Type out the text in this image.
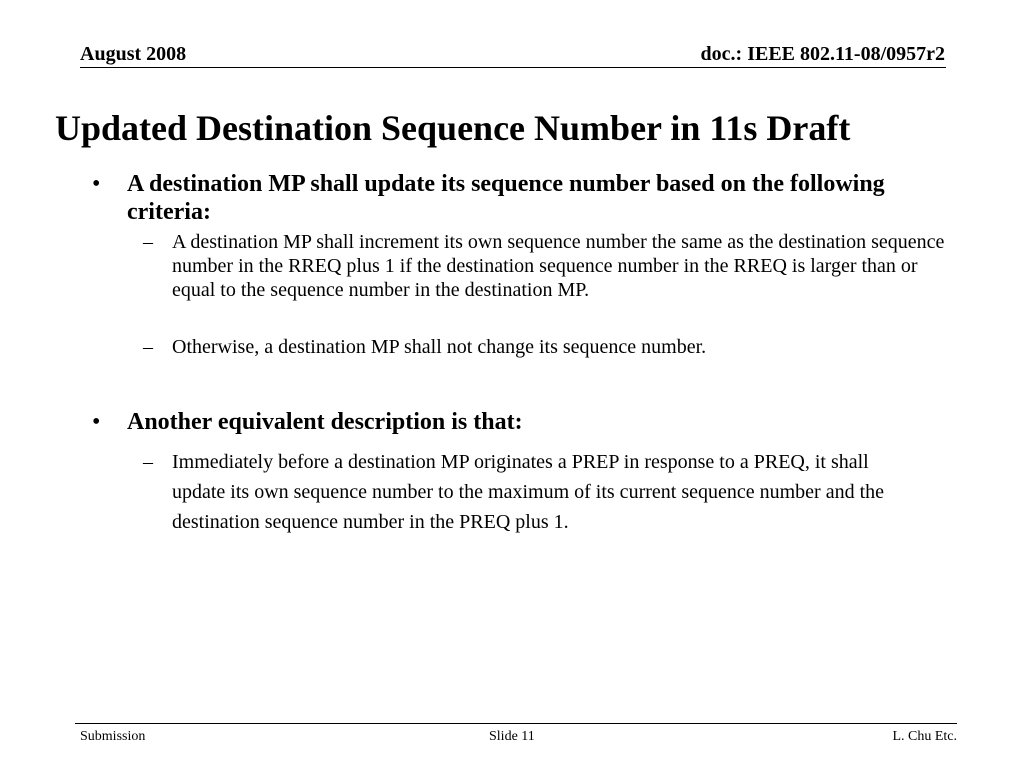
August 2008	doc.: IEEE 802.11-08/0957r2
Updated Destination Sequence Number in 11s Draft
• A destination MP shall update its sequence number based on the following criteria:
– A destination MP shall increment its own sequence number the same as the destination sequence number in the RREQ plus 1 if the destination sequence number in the RREQ is larger than or equal to the sequence number in the destination MP.
– Otherwise, a destination MP shall not change its sequence number.
• Another equivalent description is that:
– Immediately before a destination MP originates a PREP in response to a PREQ, it shall update its own sequence number to the maximum of its current sequence number and the destination sequence number in the PREQ plus 1.
Submission	Slide 11	L. Chu Etc.
